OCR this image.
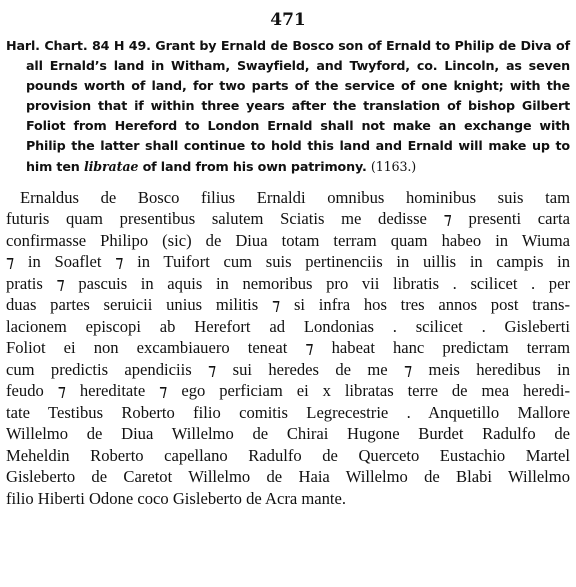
471

Harl. Chart. 84 H 49. Grant by Ernald de Bosco son of Ernald to Philip de Diva of all Ernald’s land in Witham, Swayfield, and Twyford, co. Lincoln, as seven pounds worth of land, for two parts of the service of one knight; with the provision that if within three years after the translation of bishop Gilbert Foliot from Hereford to London Ernald shall not make an exchange with Philip the latter shall continue to hold this land and Ernald will make up to him ten libratae of land from his own patrimony. (1163.)

Ernaldus de Bosco filius Ernaldi omnibus hominibus suis tam
futuris quam presentibus salutem Sciatis me dedisse ⁊ presenti carta
confirmasse Philipo (sic) de Diua totam terram quam habeo in Wiuma
⁊ in Soaflet ⁊ in Tuifort cum suis pertinenciis in uillis in campis in
pratis ⁊ pascuis in aquis in nemoribus pro vii libratis . scilicet . per
duas partes seruicii unius militis ⁊ si infra hos tres annos post trans-
lacionem episcopi ab Herefort ad Londonias . scilicet . Gisleberti
Foliot ei non excambiauero teneat ⁊ habeat hanc predictam terram
cum predictis apendiciis ⁊ sui heredes de me ⁊ meis heredibus in
feudo ⁊ hereditate ⁊ ego perficiam ei x libratas terre de mea heredi-
tate Testibus Roberto filio comitis Legrecestrie . Anquetillo Mallore
Willelmo de Diua Willelmo de Chirai Hugone Burdet Radulfo de
Meheldin Roberto capellano Radulfo de Querceto Eustachio Martel
Gisleberto de Caretot Willelmo de Haia Willelmo de Blabi Willelmo
filio Hiberti Odone coco Gisleberto de Acra mante.
